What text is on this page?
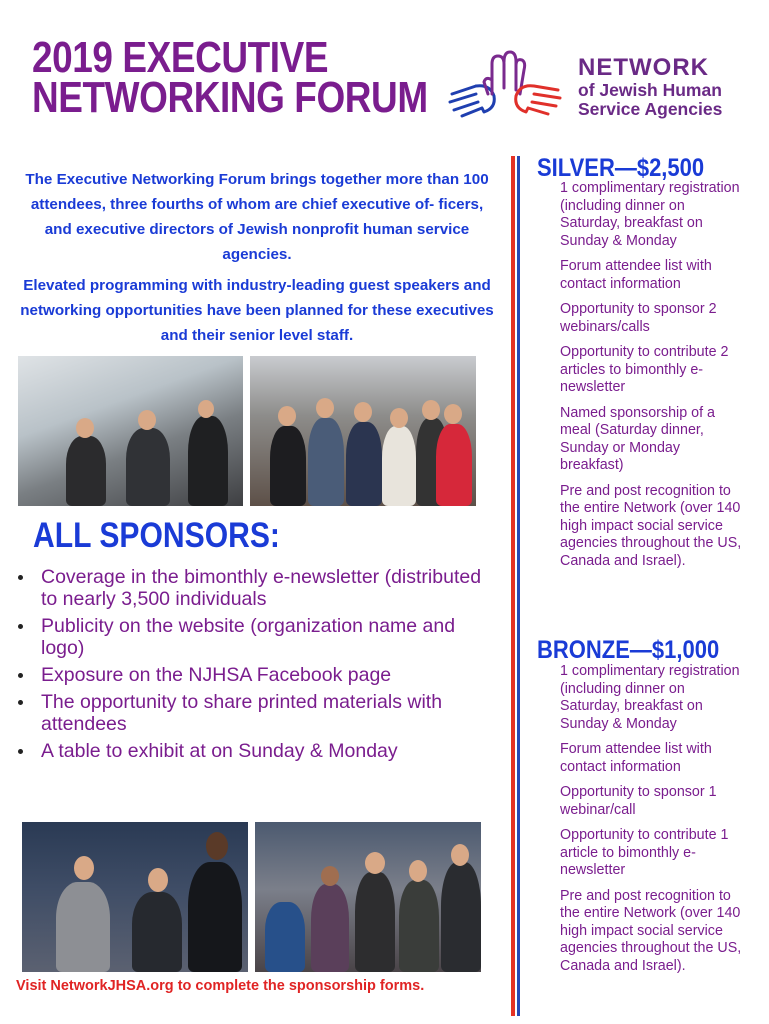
2019 EXECUTIVE
NETWORKING FORUM
NETWORK
of Jewish Human
Service Agencies

The Executive Networking Forum brings together more than 100 attendees, three fourths of whom are chief executive of- ficers, and executive directors of Jewish nonprofit human service agencies.

Elevated programming with industry-leading guest speakers and networking opportunities have been planned for these executives and their senior level staff.

ALL SPONSORS:
Coverage in the bimonthly e-newsletter (distributed to nearly 3,500 individuals
Publicity on the website (organization name and logo)
Exposure on the NJHSA Facebook page
The opportunity to share printed materials with attendees
A table to exhibit at on Sunday & Monday
Visit NetworkJHSA.org to complete the sponsorship forms.
SILVER—$2,500
1 complimentary registration (including dinner on Saturday, breakfast on Sunday & Monday
Forum attendee list with contact information
Opportunity to sponsor 2 webinars/calls
Opportunity to contribute 2 articles to bimonthly e-newsletter
Named sponsorship of a meal (Saturday dinner, Sunday or Monday breakfast)
Pre and post recognition to the entire Network (over 140 high impact social service agencies throughout the US, Canada and Israel).
BRONZE—$1,000
1 complimentary registration (including dinner on Saturday, breakfast on Sunday & Monday
Forum attendee list with contact information
Opportunity to sponsor 1 webinar/call
Opportunity to contribute 1 article to bimonthly e-newsletter
Pre and post recognition to the entire Network (over 140 high impact social service agencies throughout the US, Canada and Israel).
